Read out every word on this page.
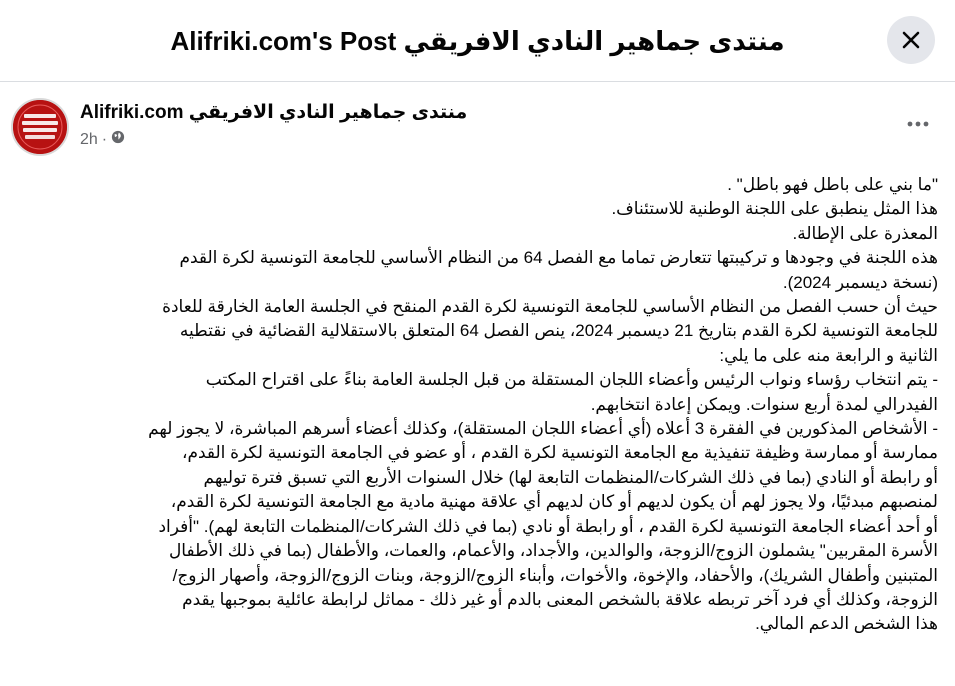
منتدى جماهير النادي الافريقي Alifriki.com's Post
منتدى جماهير النادي الافريقي Alifriki.com
2h ·

"ما بني على باطل فهو باطل" .

هذا المثل ينطبق على اللجنة الوطنية للاستئناف.

المعذرة على الإطالة.

هذه اللجنة في وجودها و تركيبتها تتعارض تماما مع الفصل 64 من النظام الأساسي للجامعة التونسية لكرة القدم

(نسخة ديسمبر 2024).

حيث أن حسب الفصل من النظام الأساسي للجامعة التونسية لكرة القدم المنقح في الجلسة العامة الخارقة للعادة

للجامعة التونسية لكرة القدم بتاريخ 21 ديسمبر 2024، ينص الفصل 64 المتعلق بالاستقلالية القضائية في نقتطيه

الثانية و الرابعة منه على ما يلي:

- يتم انتخاب رؤساء ونواب الرئيس وأعضاء اللجان المستقلة من قبل الجلسة العامة بناءً على اقتراح المكتب

الفيدرالي لمدة أربع سنوات. ويمكن إعادة انتخابهم.

- الأشخاص المذكورين في الفقرة 3 أعلاه (أي أعضاء اللجان المستقلة)، وكذلك أعضاء أسرهم المباشرة، لا يجوز لهم

ممارسة أو ممارسة وظيفة تنفيذية مع الجامعة التونسية لكرة القدم ، أو عضو في الجامعة التونسية لكرة القدم،

أو رابطة أو النادي (بما في ذلك الشركات/المنظمات التابعة لها) خلال السنوات الأربع التي تسبق فترة توليهم

لمنصبهم مبدئيًا، ولا يجوز لهم أن يكون لديهم أو كان لديهم أي علاقة مهنية مادية مع الجامعة التونسية لكرة القدم،

أو أحد أعضاء الجامعة التونسية لكرة القدم ، أو رابطة أو نادي (بما في ذلك الشركات/المنظمات التابعة لهم). "أفراد

الأسرة المقربين" يشملون الزوج/الزوجة، والوالدين، والأجداد، والأعمام، والعمات، والأطفال (بما في ذلك الأطفال

المتبنين وأطفال الشريك)، والأحفاد، والإخوة، والأخوات، وأبناء الزوج/الزوجة، وبنات الزوج/الزوجة، وأصهار الزوج/

الزوجة، وكذلك أي فرد آخر تربطه علاقة بالشخص المعنى بالدم أو غير ذلك - مماثل لرابطة عائلية بموجبها يقدم

هذا الشخص الدعم المالي.
